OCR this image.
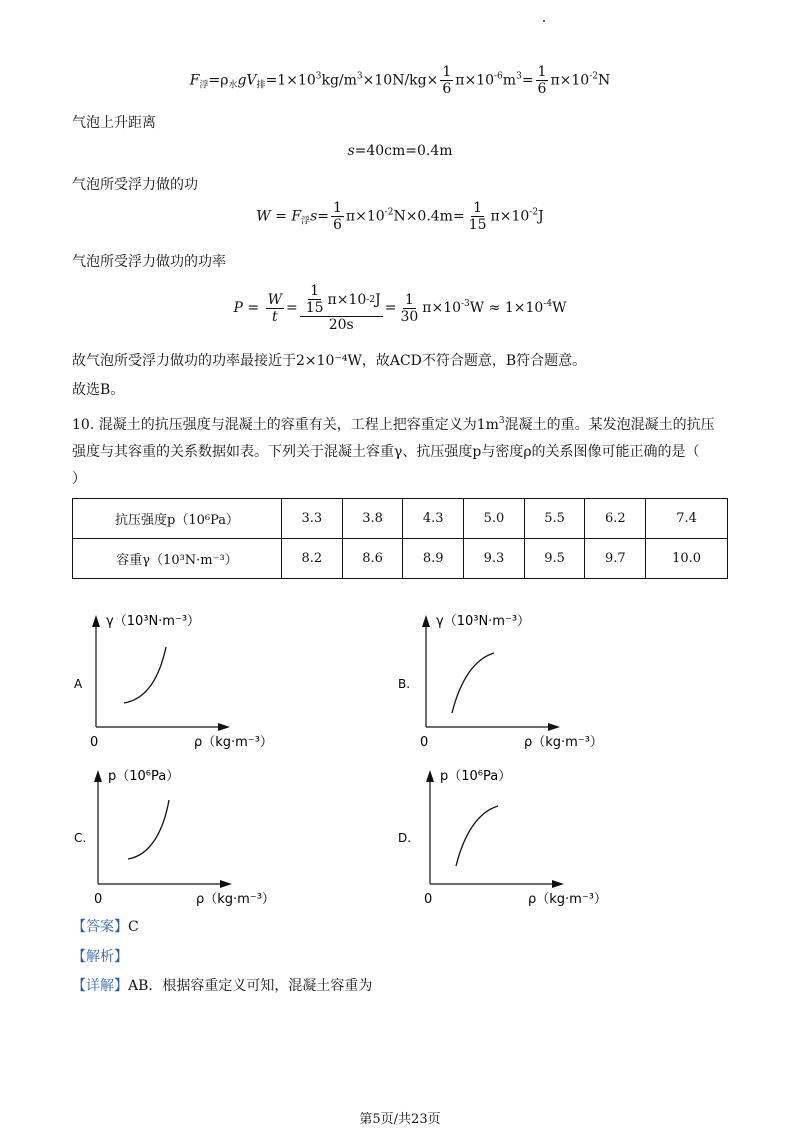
$F_浮=\rho_水gV_排=1\times 10^3kg/m^3\times 10N/kg\times \frac{1}{6} \pi\times 10^{-6}m^3= \frac{1}{6} \pi\times 10^{-2}N$
气泡上升距离
s=40cm=0.4m
气泡所受浮力做的功
$W = F_浮s= \frac{1}{6} \pi\times 10^{-2}N\times 0.4m= \frac{1}{15} \pi\times 10^{-2}J$
气泡所受浮力做功的功率
$P = \frac{W}{t} = \frac{\frac{1}{15} \pi\times 10 -2 J}{20s} = \frac{1}{30} \pi\times 10^{-3}W \approx 1\times 10^{-4}W$
故气泡所受浮力做功的功率最接近于2×10⁻⁴W，故ACD不符合题意，B符合题意。
故选B。
10. 混凝土的抗压强度与混凝土的容重有关，工程上把容重定义为$1m^3$混凝土的重。某发泡混凝土的抗压
强度与其容重的关系数据如表。下列关于混凝土容重γ、抗压强度p与密度ρ的关系图像可能正确的是（
）
抗压强度p（10⁶Pa）	3.3	3.8	4.3	5.0	5.5	6.2	7.4
容重γ（10³N·m⁻³）	8.2	8.6	8.9	9.3	9.5	9.7	10.0
A
γ（10³N·m⁻³）
ρ（kg·m⁻³）
0
B.
γ（10³N·m⁻³）
ρ（kg·m⁻³）
0
C.
p（10⁶Pa）
ρ（kg·m⁻³）
0
D.
p（10⁶Pa）
ρ（kg·m⁻³）
0
【答案】C
【解析】
【详解】AB．根据容重定义可知，混凝土容重为
第5页/共23页
